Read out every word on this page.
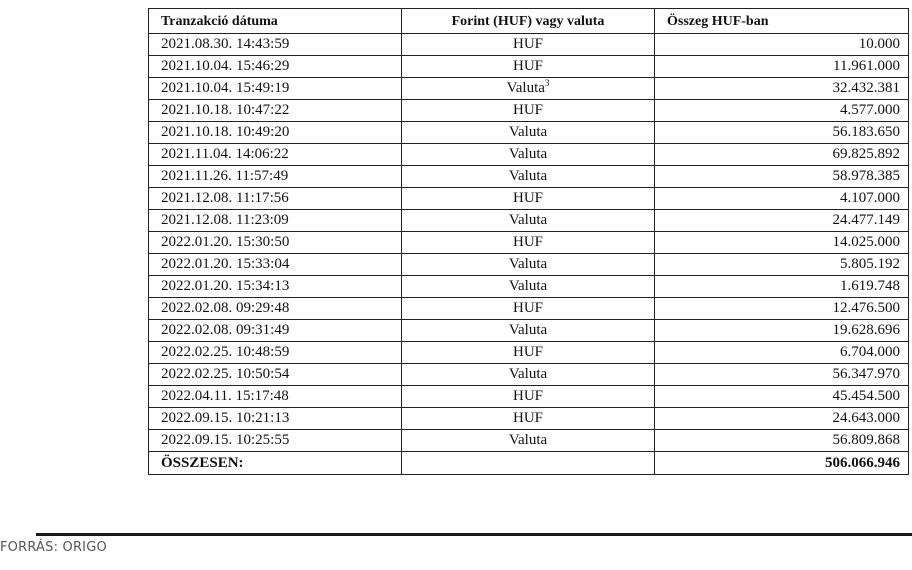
Tranzakció dátuma	Forint (HUF) vagy valuta	Összeg HUF-ban
2021.08.30. 14:43:59	HUF	10.000
2021.10.04. 15:46:29	HUF	11.961.000
2021.10.04. 15:49:19	Valuta$^3$	32.432.381
2021.10.18. 10:47:22	HUF	4.577.000
2021.10.18. 10:49:20	Valuta	56.183.650
2021.11.04. 14:06:22	Valuta	69.825.892
2021.11.26. 11:57:49	Valuta	58.978.385
2021.12.08. 11:17:56	HUF	4.107.000
2021.12.08. 11:23:09	Valuta	24.477.149
2022.01.20. 15:30:50	HUF	14.025.000
2022.01.20. 15:33:04	Valuta	5.805.192
2022.01.20. 15:34:13	Valuta	1.619.748
2022.02.08. 09:29:48	HUF	12.476.500
2022.02.08. 09:31:49	Valuta	19.628.696
2022.02.25. 10:48:59	HUF	6.704.000
2022.02.25. 10:50:54	Valuta	56.347.970
2022.04.11. 15:17:48	HUF	45.454.500
2022.09.15. 10:21:13	HUF	24.643.000
2022.09.15. 10:25:55	Valuta	56.809.868
ÖSSZESEN:		506.066.946
FORRÁS: ORIGO
